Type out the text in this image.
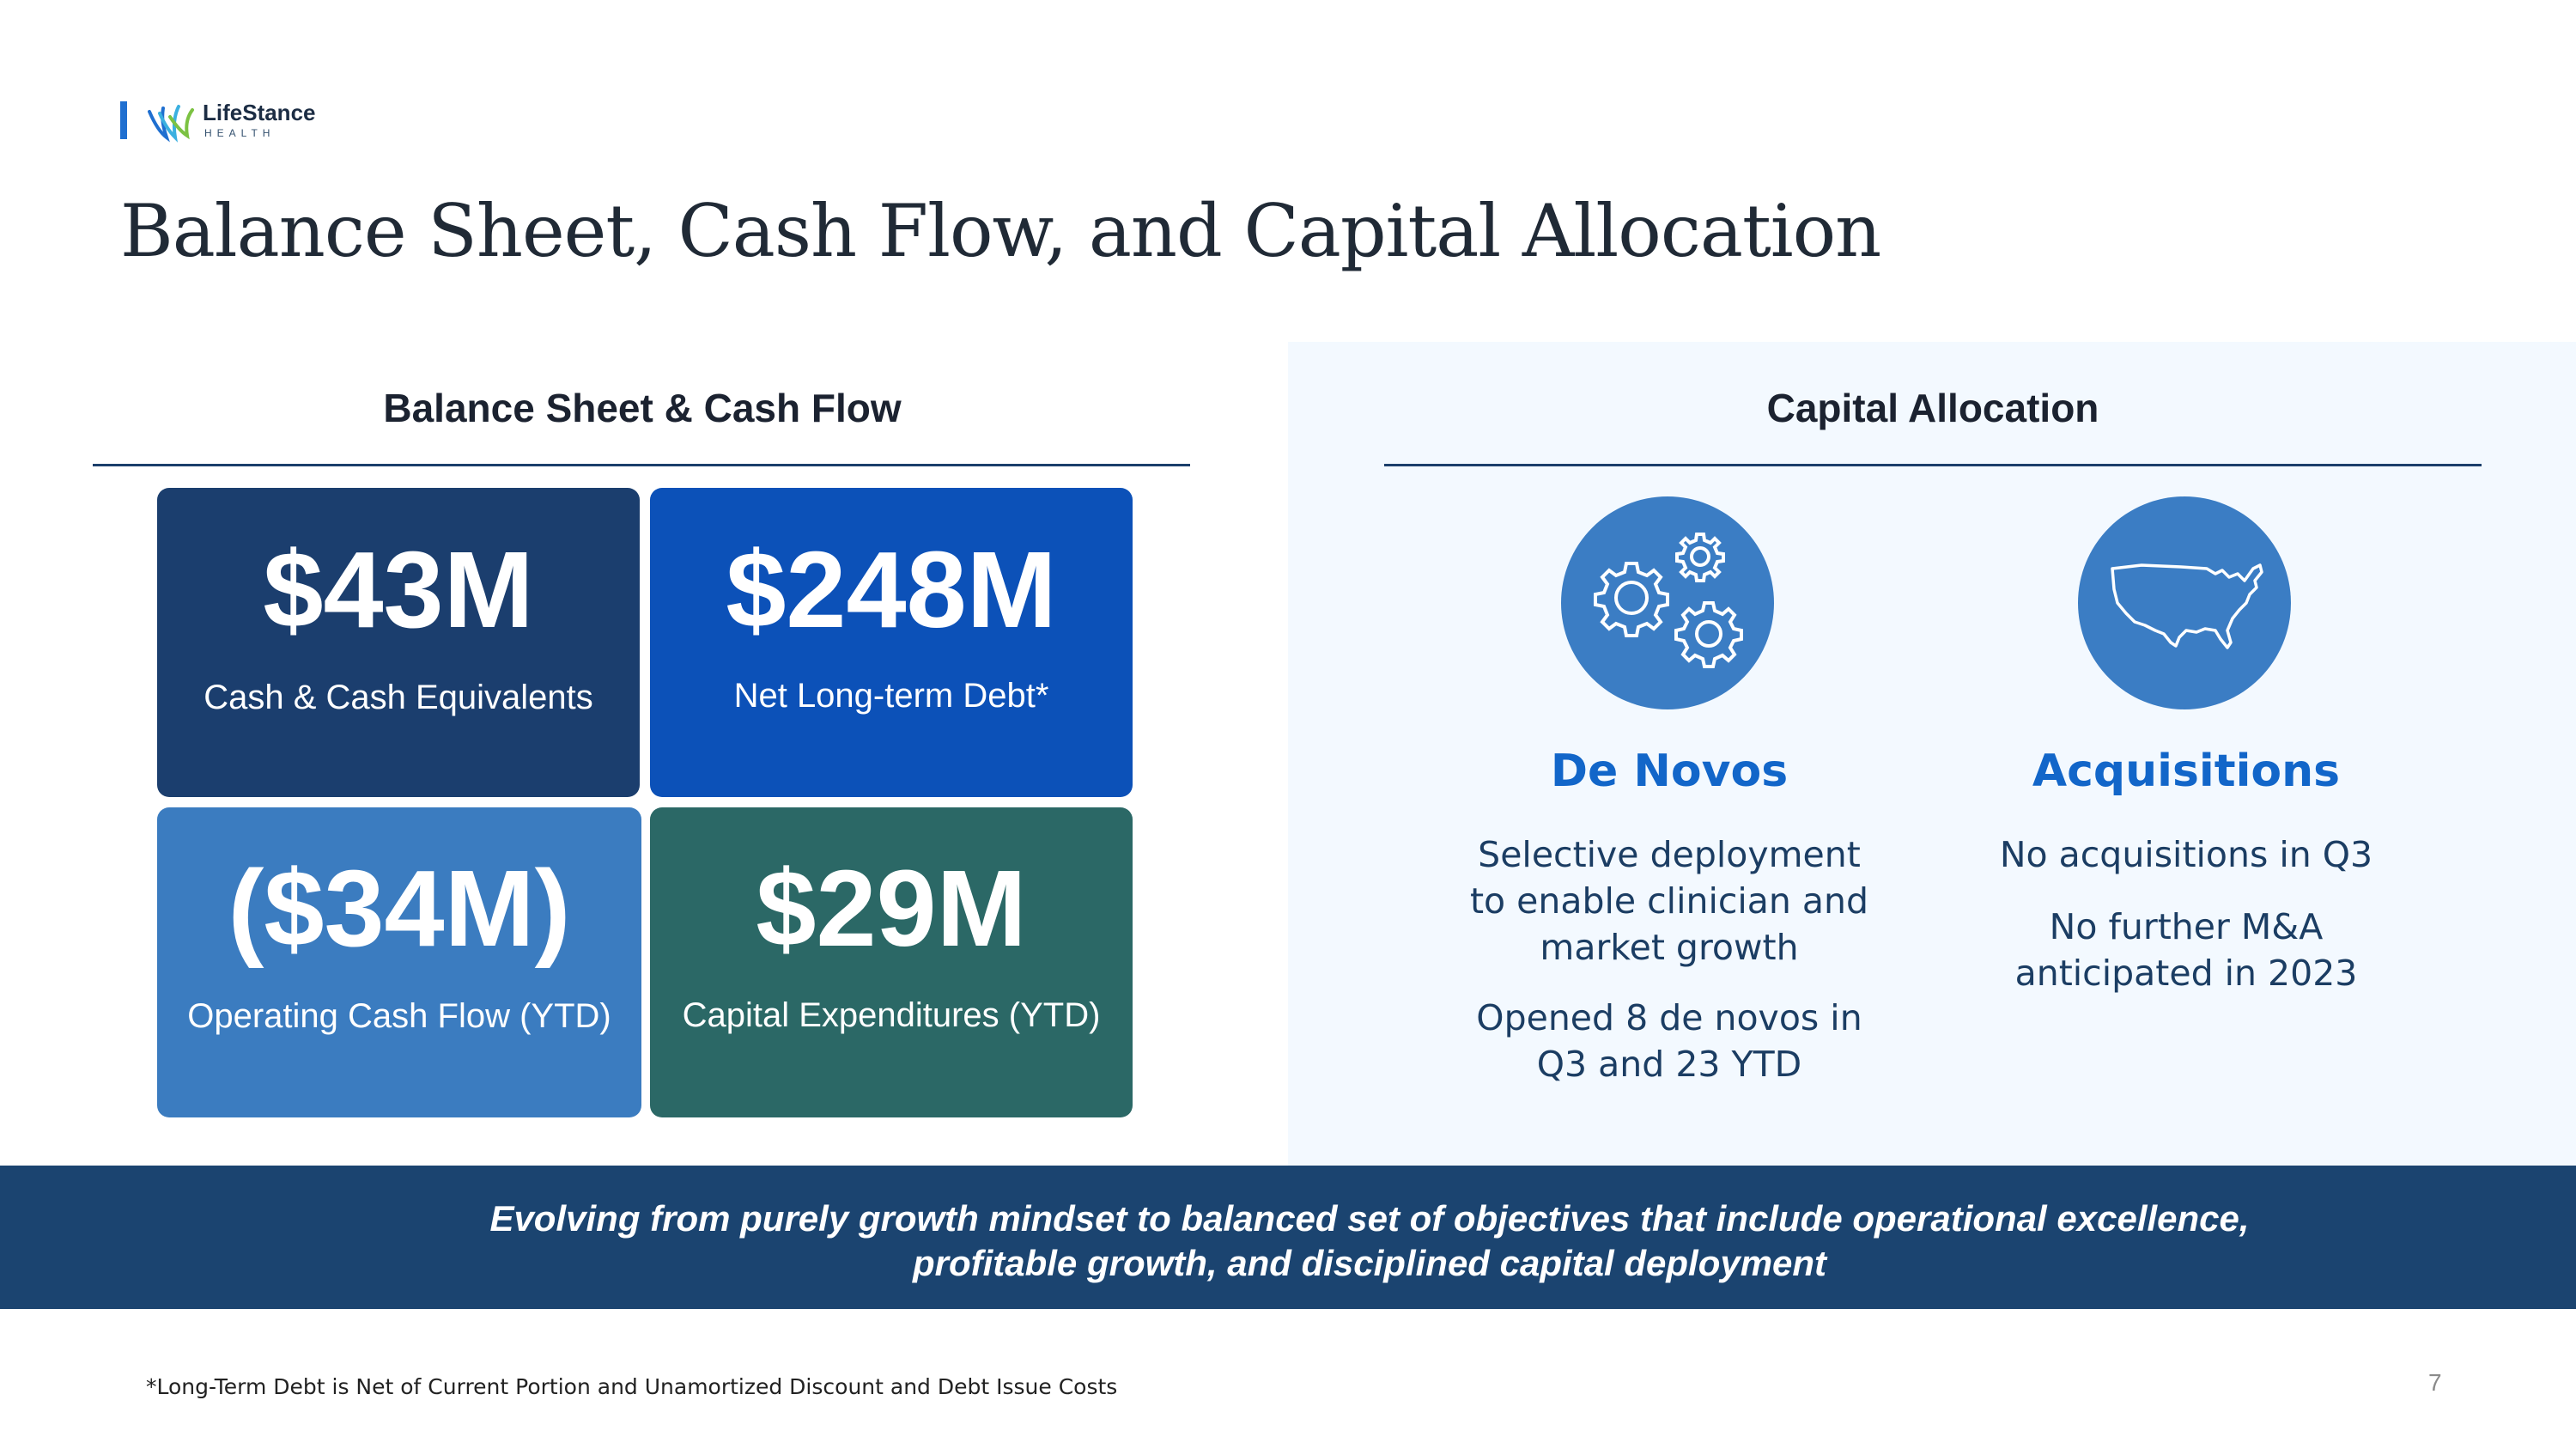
LifeStance
HEALTH
Balance Sheet, Cash Flow, and Capital Allocation
Balance Sheet & Cash Flow	Capital Allocation
$43M
Cash & Cash Equivalents
$248M
Net Long-term Debt*
($34M)
Operating Cash Flow (YTD)
$29M
Capital Expenditures (YTD)
De Novos

Selective deployment to enable clinician and market growth

Opened 8 de novos in Q3 and 23 YTD

Acquisitions

No acquisitions in Q3

No further M&A anticipated in 2023

Evolving from purely growth mindset to balanced set of objectives that include operational excellence,
profitable growth, and disciplined capital deployment

*Long-Term Debt is Net of Current Portion and Unamortized Discount and Debt Issue Costs	7
